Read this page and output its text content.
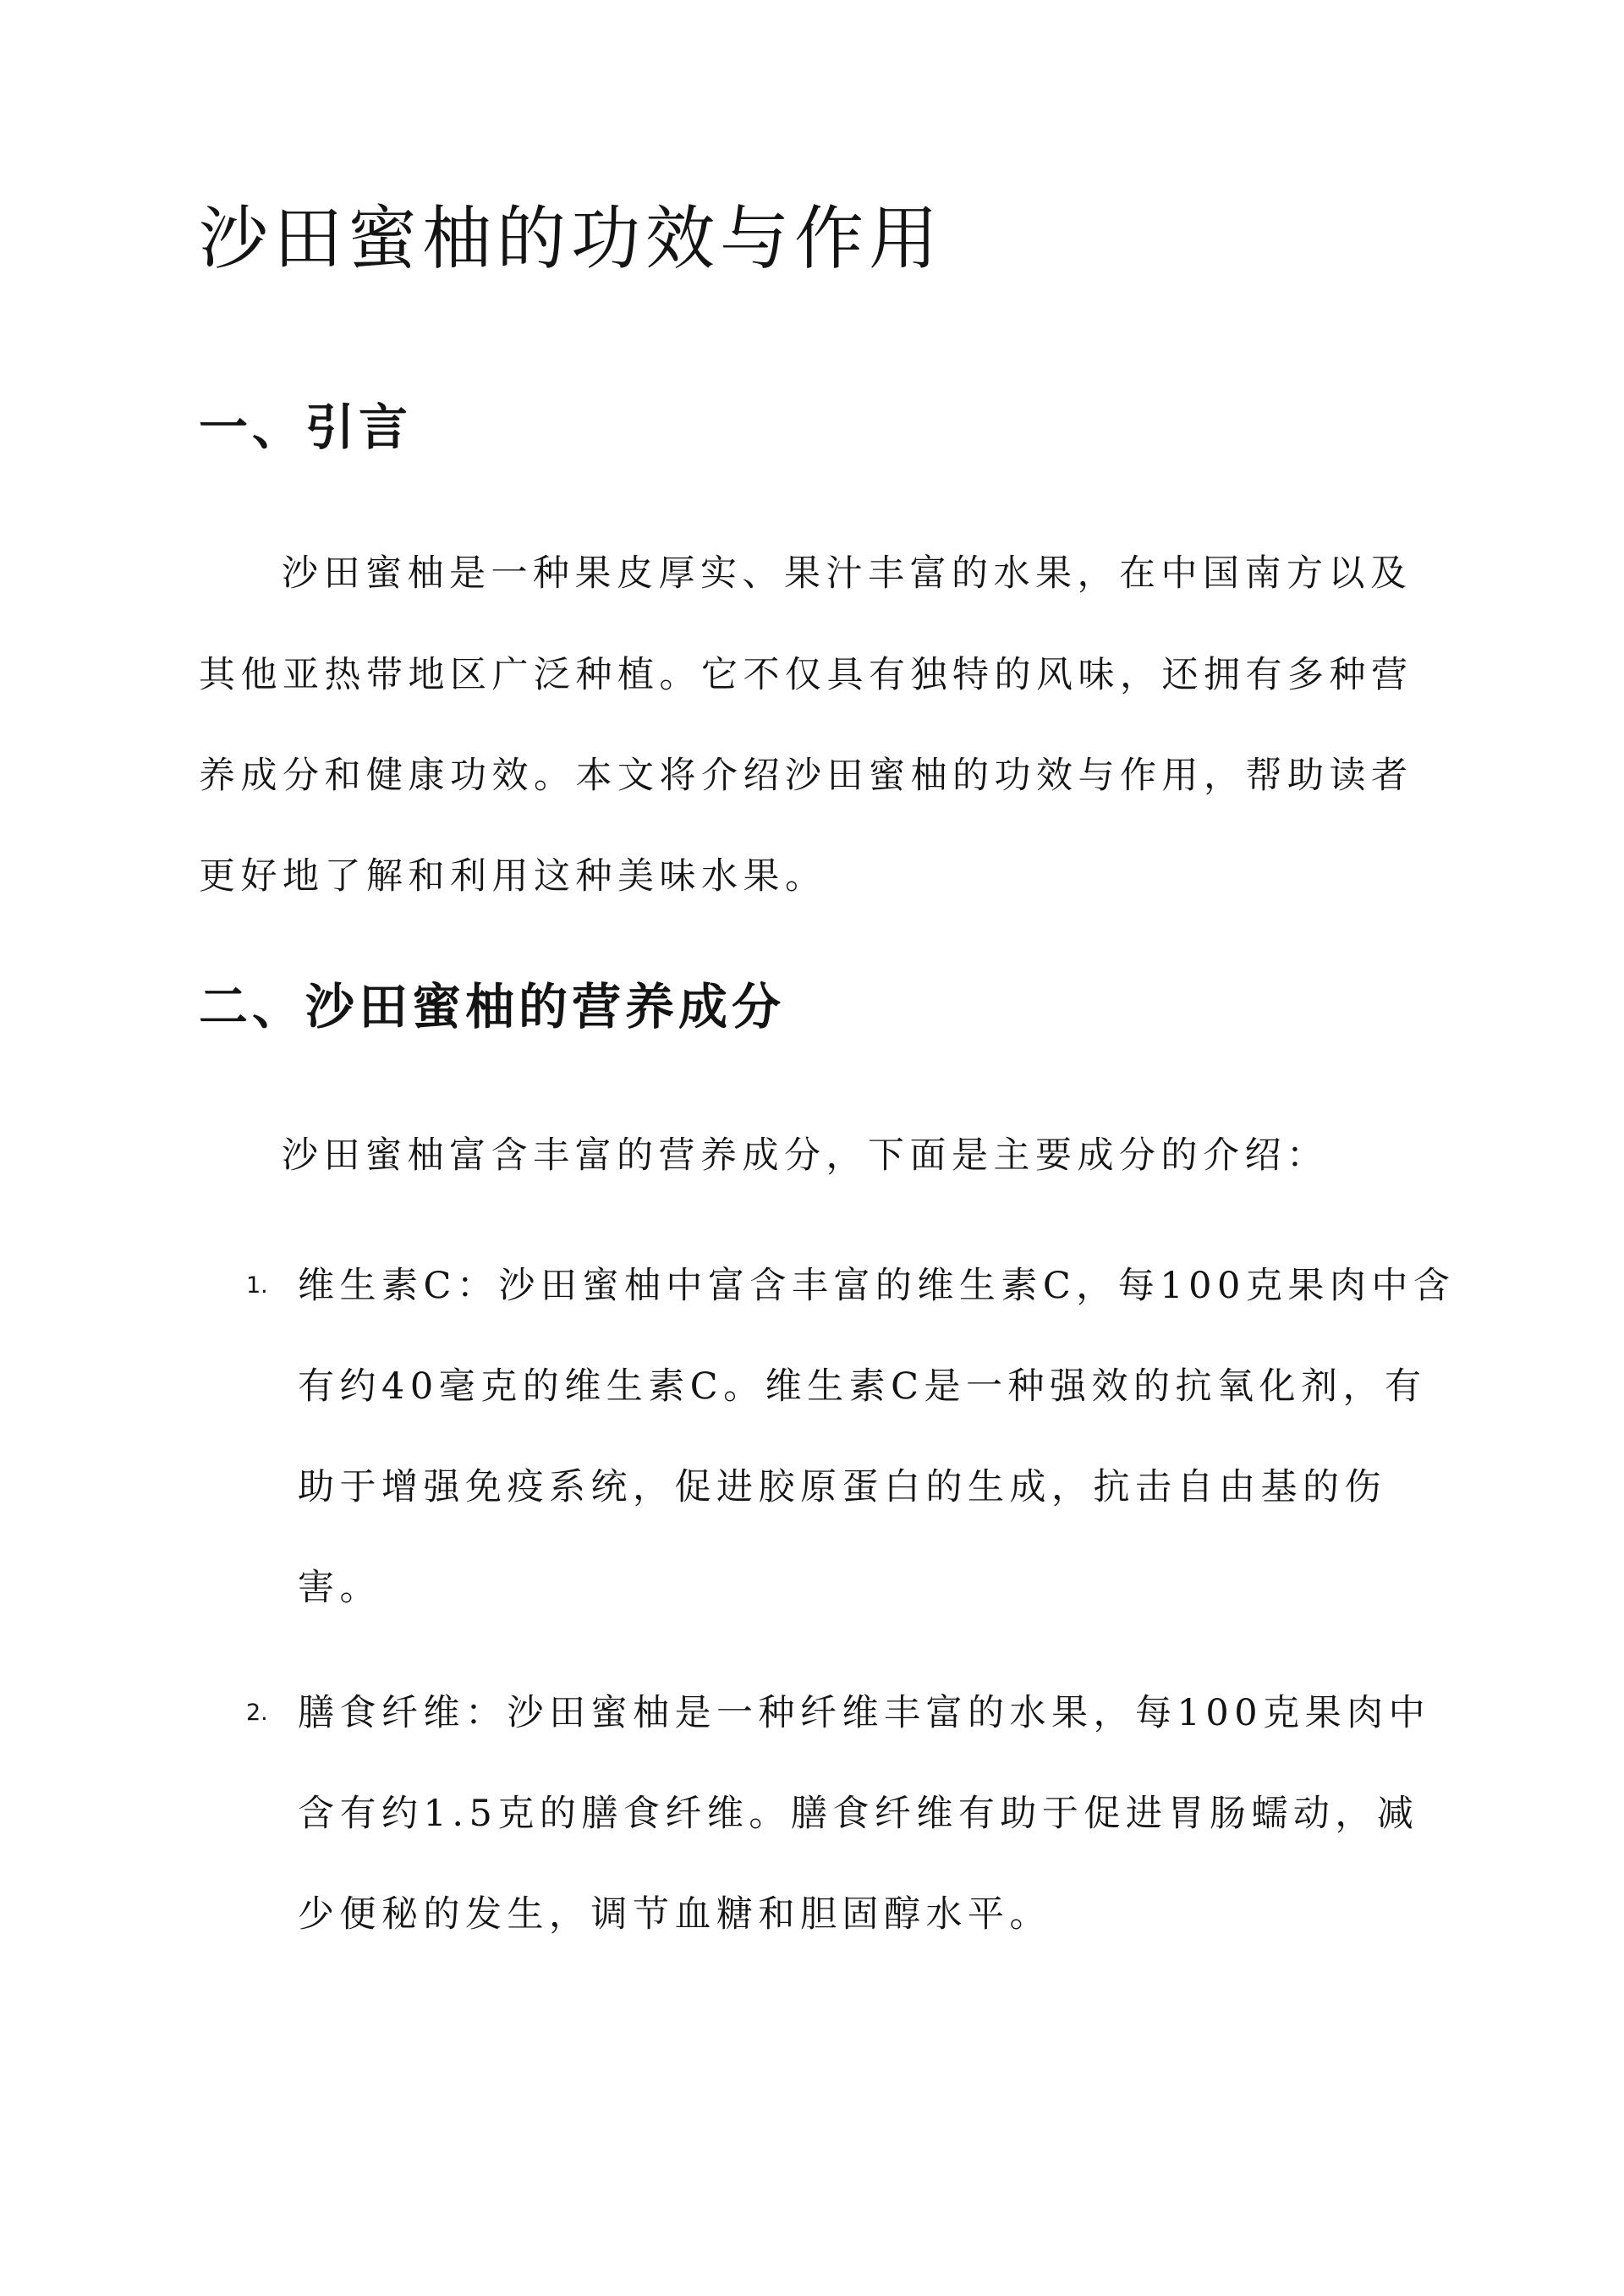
沙田蜜柚的功效与作用
一、引言

沙田蜜柚是一种果皮厚实、果汁丰富的水果，在中国南方以及

其他亚热带地区广泛种植。它不仅具有独特的风味，还拥有多种营

养成分和健康功效。本文将介绍沙田蜜柚的功效与作用，帮助读者

更好地了解和利用这种美味水果。

二、沙田蜜柚的营养成分

沙田蜜柚富含丰富的营养成分，下面是主要成分的介绍：

1. 维生素C：沙田蜜柚中富含丰富的维生素C，每100克果肉中含

有约40毫克的维生素C。维生素C是一种强效的抗氧化剂，有

助于增强免疫系统，促进胶原蛋白的生成，抗击自由基的伤

害。

2. 膳食纤维：沙田蜜柚是一种纤维丰富的水果，每100克果肉中

含有约1.5克的膳食纤维。膳食纤维有助于促进胃肠蠕动，减

少便秘的发生，调节血糖和胆固醇水平。
